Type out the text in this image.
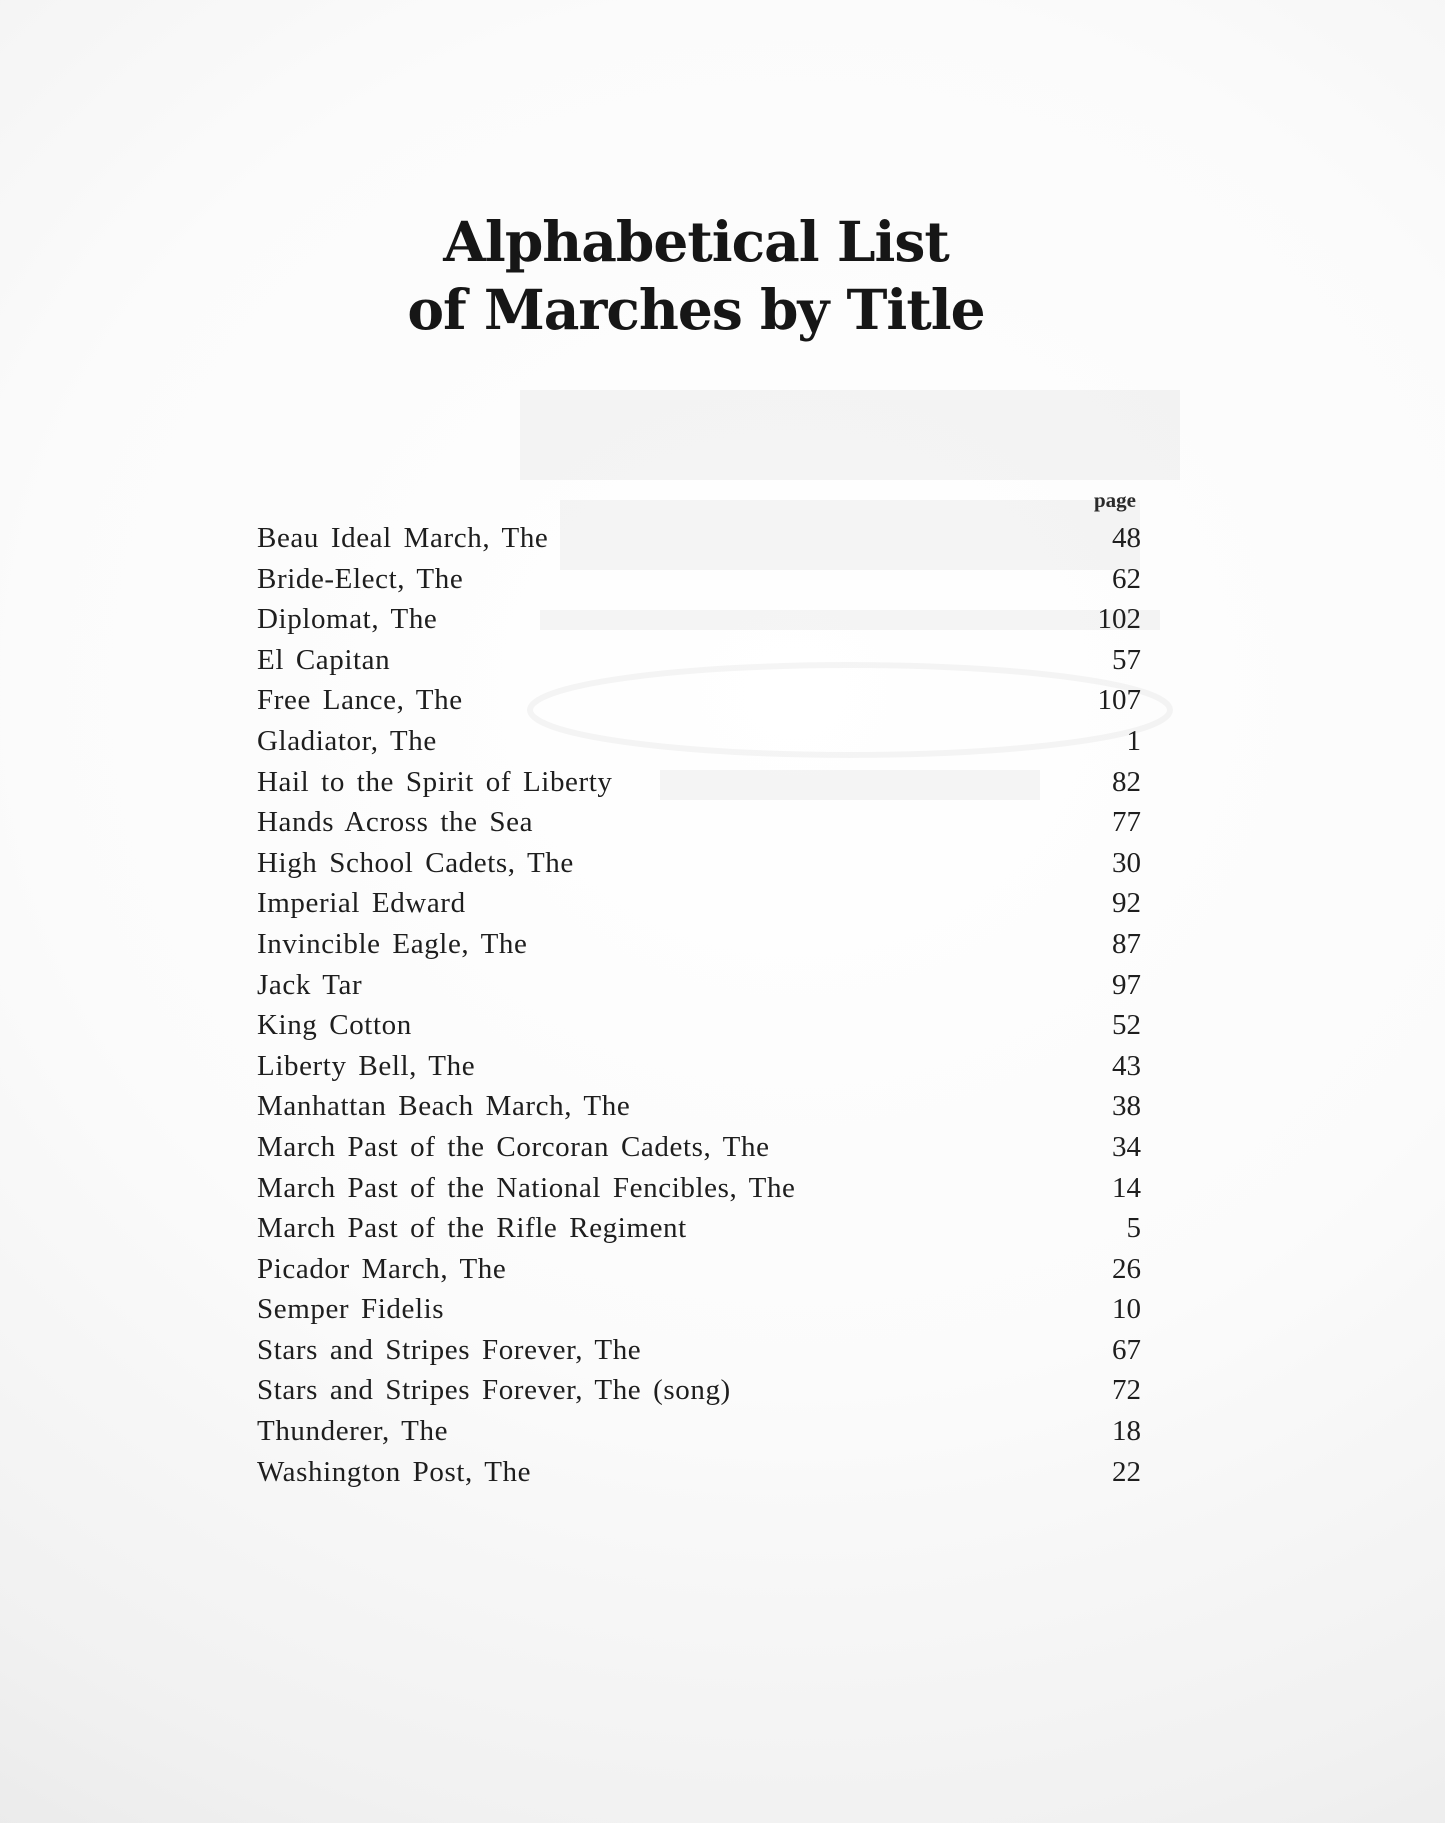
Alphabetical List
of Marches by Title
page
Beau Ideal March, The	48
Bride-Elect, The	62
Diplomat, The	102
El Capitan	57
Free Lance, The	107
Gladiator, The	1
Hail to the Spirit of Liberty	82
Hands Across the Sea	77
High School Cadets, The	30
Imperial Edward	92
Invincible Eagle, The	87
Jack Tar	97
King Cotton	52
Liberty Bell, The	43
Manhattan Beach March, The	38
March Past of the Corcoran Cadets, The	34
March Past of the National Fencibles, The	14
March Past of the Rifle Regiment	5
Picador March, The	26
Semper Fidelis	10
Stars and Stripes Forever, The	67
Stars and Stripes Forever, The (song)	72
Thunderer, The	18
Washington Post, The	22
